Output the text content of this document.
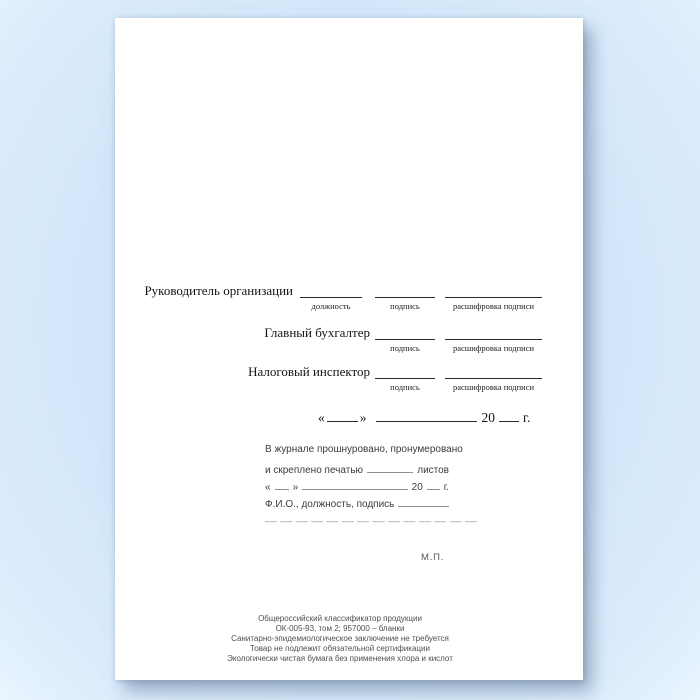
Руководитель организации
должность	подпись	расшифровка подписи
Главный бухгалтер
подпись	расшифровка подписи
Налоговый инспектор
подпись	расшифровка подписи
«	»	20 г.
В журнале прошнуровано, пронумеровано
и скреплено печатью	листов
« »	20 г.
Ф.И.О., должность, подпись
__ __ __ __ __ __ __ __ __ __ __ __ __ __
М.П.
Общероссийский классификатор продукции
ОК-005-93, том 2; 957000 – бланки
Санитарно-эпидемиологическое заключение не требуется
Товар не подлежит обязательной сертификации
Экологически чистая бумага без применения хлора и кислот
